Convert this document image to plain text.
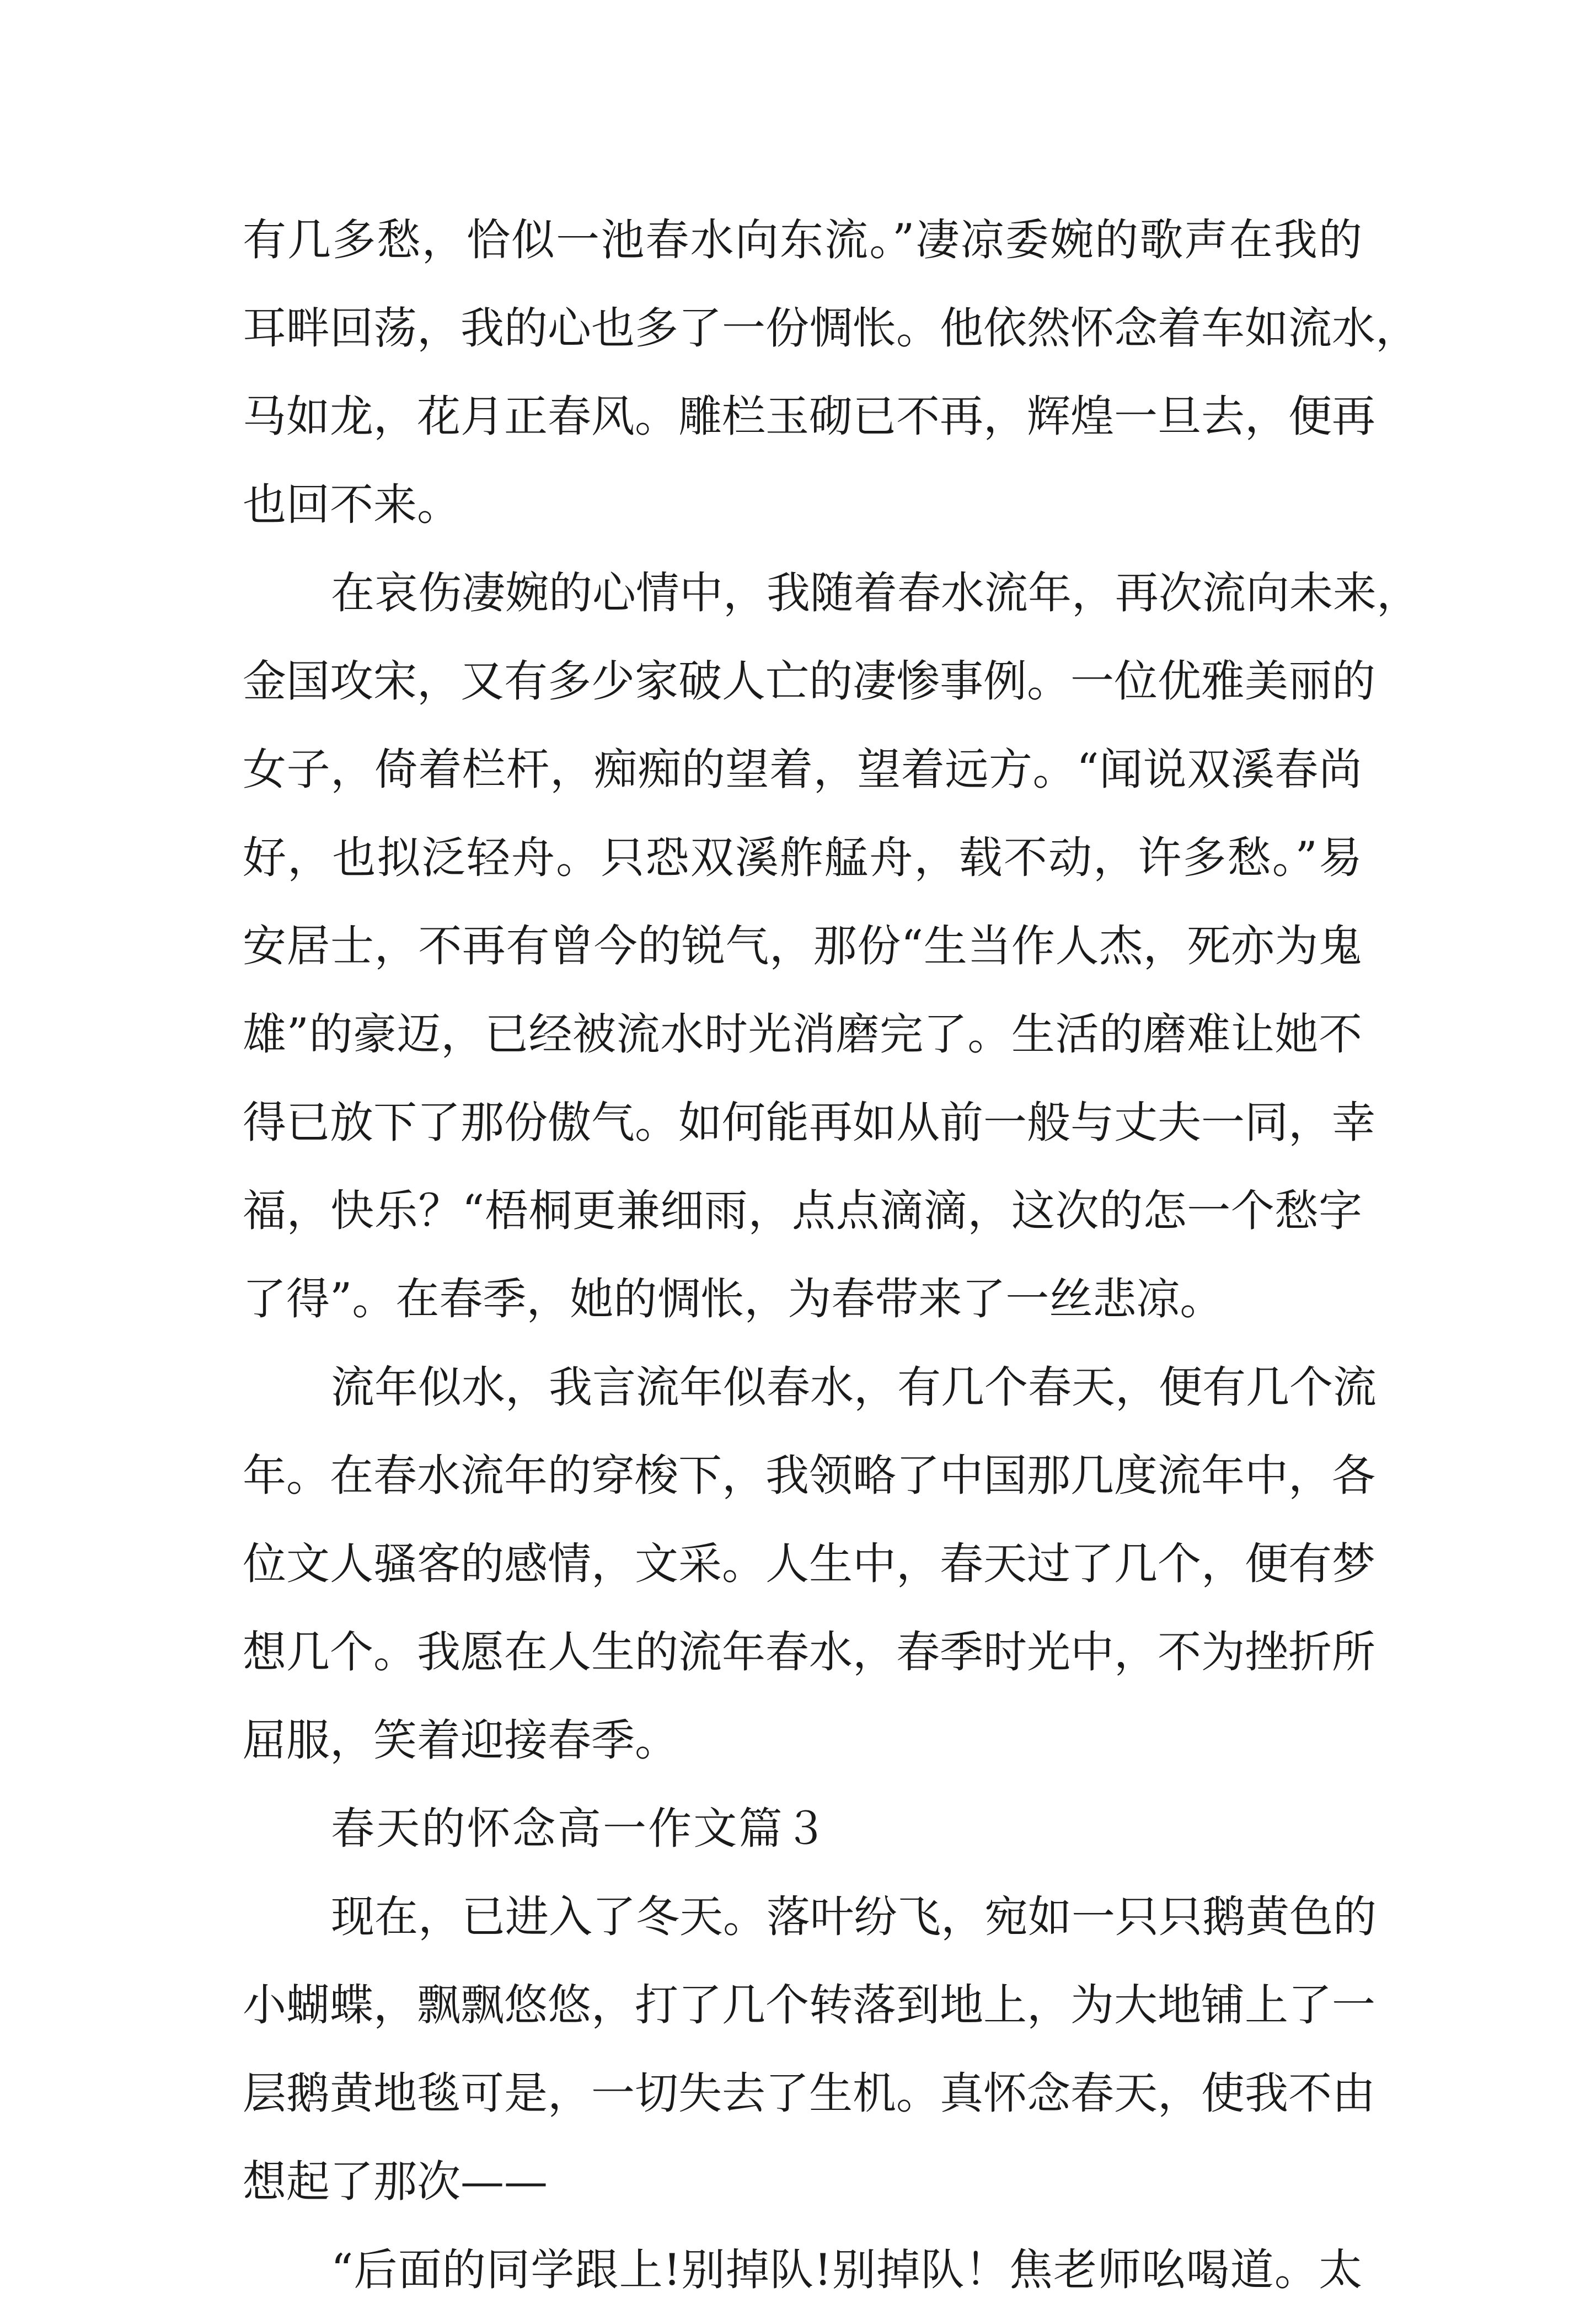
有几多愁，恰似一池春水向东流。”凄凉委婉的歌声在我的
耳畔回荡，我的心也多了一份惆怅。他依然怀念着车如流水，
马如龙，花月正春风。雕栏玉砌已不再，辉煌一旦去，便再
也回不来。
在哀伤凄婉的心情中，我随着春水流年，再次流向未来，
金国攻宋，又有多少家破人亡的凄惨事例。一位优雅美丽的
女子，倚着栏杆，痴痴的望着，望着远方。“闻说双溪春尚
好，也拟泛轻舟。只恐双溪舴艋舟，载不动，许多愁。”易
安居士，不再有曾今的锐气，那份“生当作人杰，死亦为鬼
雄”的豪迈，已经被流水时光消磨完了。生活的磨难让她不
得已放下了那份傲气。如何能再如从前一般与丈夫一同，幸
福，快乐？“梧桐更兼细雨，点点滴滴，这次的怎一个愁字
了得”。在春季，她的惆怅，为春带来了一丝悲凉。
流年似水，我言流年似春水，有几个春天，便有几个流
年。在春水流年的穿梭下，我领略了中国那几度流年中，各
位文人骚客的感情，文采。人生中，春天过了几个，便有梦
想几个。我愿在人生的流年春水，春季时光中，不为挫折所
屈服，笑着迎接春季。
春天的怀念高一作文篇３
现在，已进入了冬天。落叶纷飞，宛如一只只鹅黄色的
小蝴蝶，飘飘悠悠，打了几个转落到地上，为大地铺上了一
层鹅黄地毯可是，一切失去了生机。真怀念春天，使我不由
想起了那次——
“后面的同学跟上!别掉队!别掉队！焦老师吆喝道。太
